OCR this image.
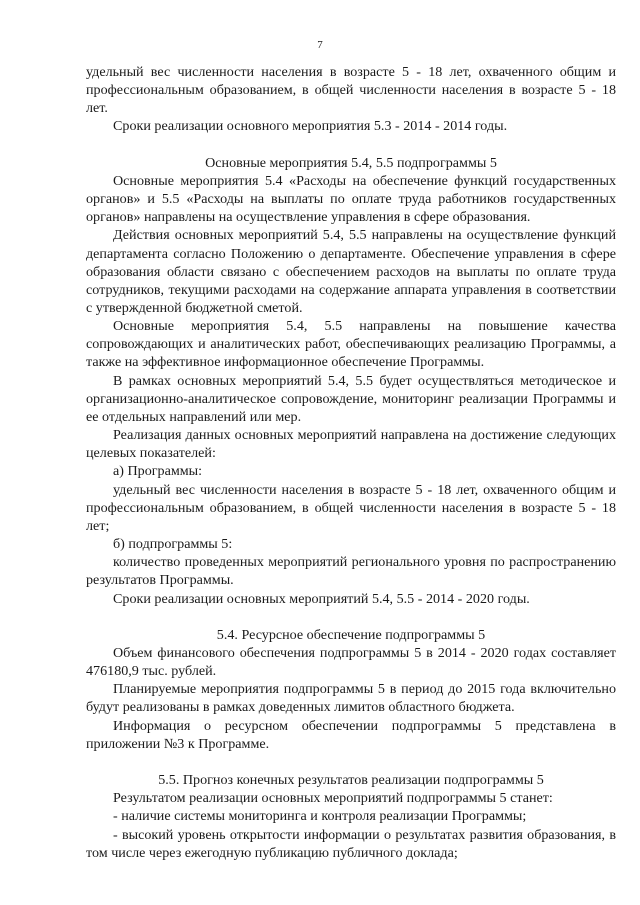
7

удельный вес численности населения в возрасте 5 - 18 лет, охваченного общим и профессиональным образованием, в общей численности населения в возрасте 5 - 18 лет.

Сроки реализации основного мероприятия 5.3 - 2014 - 2014 годы.

Основные мероприятия 5.4, 5.5 подпрограммы 5

Основные мероприятия 5.4 «Расходы на обеспечение функций государственных органов» и 5.5 «Расходы на выплаты по оплате труда работников государственных органов» направлены на осуществление управления в сфере образования.

Действия основных мероприятий 5.4, 5.5 направлены на осуществление функций департамента согласно Положению о департаменте. Обеспечение управления в сфере образования области связано с обеспечением расходов на выплаты по оплате труда сотрудников, текущими расходами на содержание аппарата управления в соответствии с утвержденной бюджетной сметой.

Основные мероприятия 5.4, 5.5 направлены на повышение качества сопровождающих и аналитических работ, обеспечивающих реализацию Программы, а также на эффективное информационное обеспечение Программы.

В рамках основных мероприятий 5.4, 5.5 будет осуществляться методическое и организационно-аналитическое сопровождение, мониторинг реализации Программы и ее отдельных направлений или мер.

Реализация данных основных мероприятий направлена на достижение следующих целевых показателей:

а) Программы:

удельный вес численности населения в возрасте 5 - 18 лет, охваченного общим и профессиональным образованием, в общей численности населения в возрасте 5 - 18 лет;

б) подпрограммы 5:

количество проведенных мероприятий регионального уровня по распространению результатов Программы.

Сроки реализации основных мероприятий 5.4, 5.5 - 2014 - 2020 годы.

5.4. Ресурсное обеспечение подпрограммы 5

Объем финансового обеспечения подпрограммы 5 в 2014 - 2020 годах составляет 476180,9 тыс. рублей.

Планируемые мероприятия подпрограммы 5 в период до 2015 года включительно будут реализованы в рамках доведенных лимитов областного бюджета.

Информация о ресурсном обеспечении подпрограммы 5 представлена в приложении №3 к Программе.

5.5. Прогноз конечных результатов реализации подпрограммы 5

Результатом реализации основных мероприятий подпрограммы 5 станет:

- наличие системы мониторинга и контроля реализации Программы;

- высокий уровень открытости информации о результатах развития образования, в том числе через ежегодную публикацию публичного доклада;
